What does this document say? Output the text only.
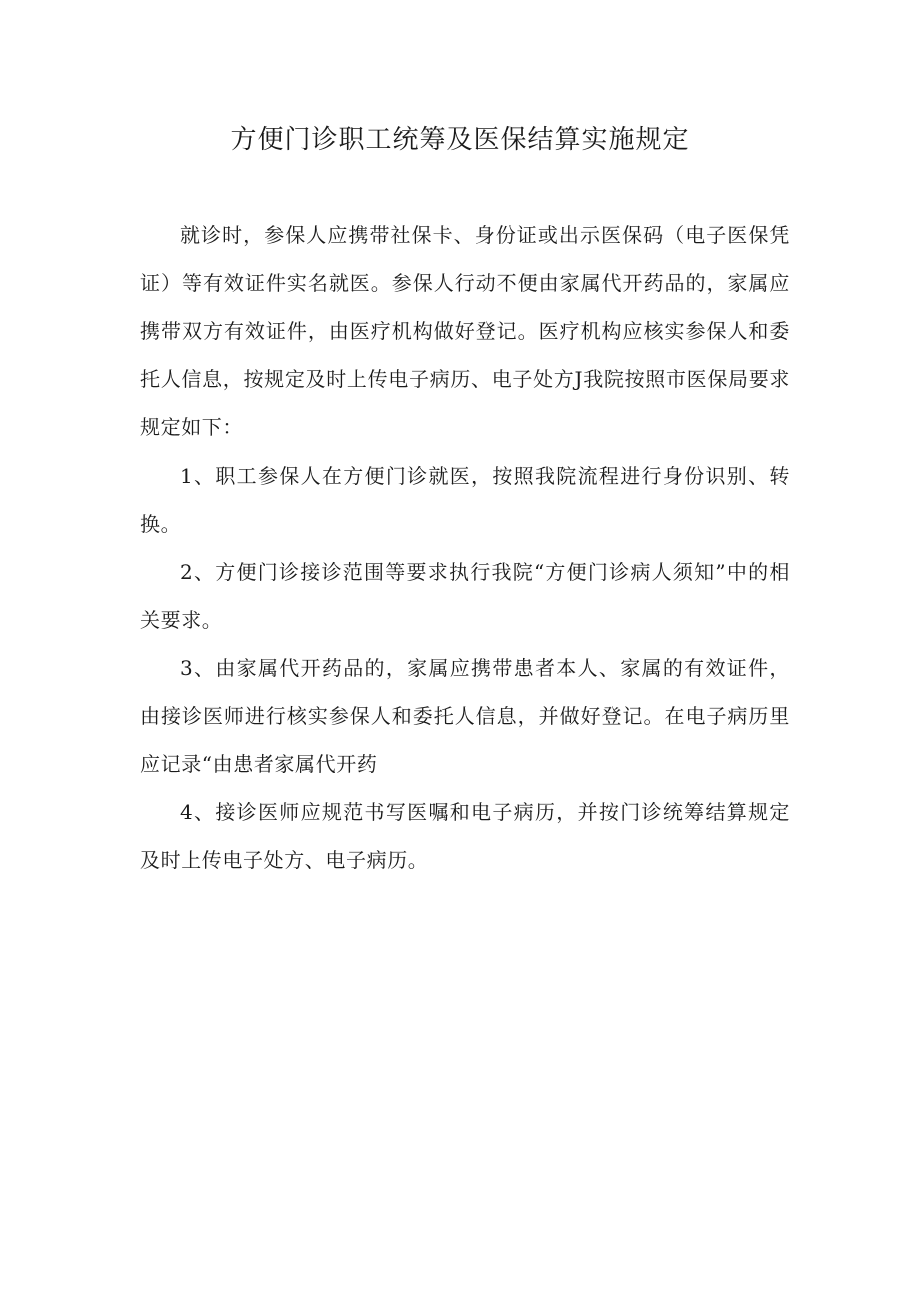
方便门诊职工统筹及医保结算实施规定

就诊时，参保人应携带社保卡、身份证或出示医保码（电子医保凭证）等有效证件实名就医。参保人行动不便由家属代开药品的，家属应携带双方有效证件，由医疗机构做好登记。医疗机构应核实参保人和委托人信息，按规定及时上传电子病历、电子处方J我院按照市医保局要求规定如下：

1、职工参保人在方便门诊就医，按照我院流程进行身份识别、转换。

2、方便门诊接诊范围等要求执行我院“方便门诊病人须知”中的相关要求。

3、由家属代开药品的，家属应携带患者本人、家属的有效证件，由接诊医师进行核实参保人和委托人信息，并做好登记。在电子病历里应记录“由患者家属代开药

4、接诊医师应规范书写医嘱和电子病历，并按门诊统筹结算规定及时上传电子处方、电子病历。
